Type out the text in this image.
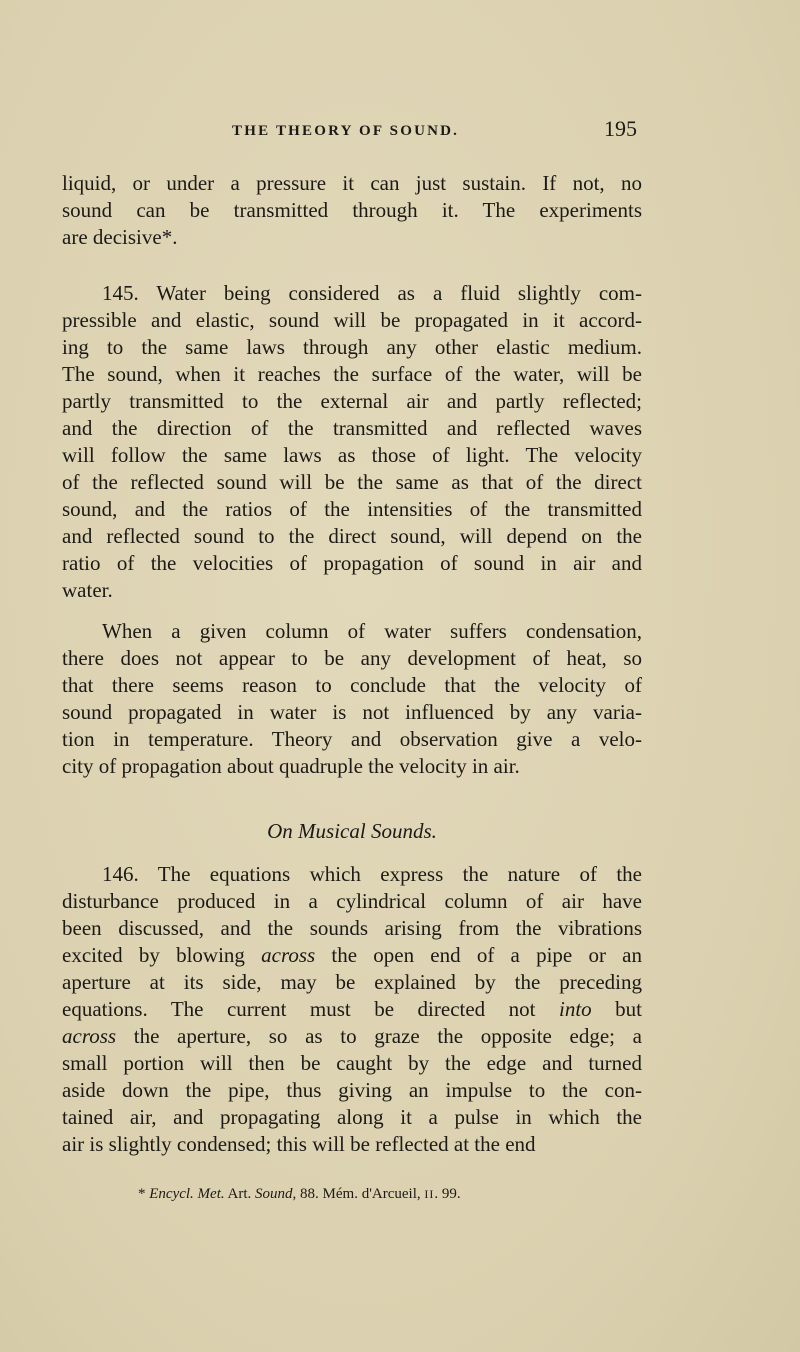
THE THEORY OF SOUND.	195
liquid, or under a pressure it can just sustain. If not, no
sound can be transmitted through it. The experiments
are decisive*.
145. Water being considered as a fluid slightly com-
pressible and elastic, sound will be propagated in it accord-
ing to the same laws through any other elastic medium.
The sound, when it reaches the surface of the water, will be
partly transmitted to the external air and partly reflected;
and the direction of the transmitted and reflected waves
will follow the same laws as those of light. The velocity
of the reflected sound will be the same as that of the direct
sound, and the ratios of the intensities of the transmitted
and reflected sound to the direct sound, will depend on the
ratio of the velocities of propagation of sound in air and
water.
When a given column of water suffers condensation,
there does not appear to be any development of heat, so
that there seems reason to conclude that the velocity of
sound propagated in water is not influenced by any varia-
tion in temperature. Theory and observation give a velo-
city of propagation about quadruple the velocity in air.
On Musical Sounds.
146. The equations which express the nature of the
disturbance produced in a cylindrical column of air have
been discussed, and the sounds arising from the vibrations
excited by blowing across the open end of a pipe or an
aperture at its side, may be explained by the preceding
equations. The current must be directed not into but
across the aperture, so as to graze the opposite edge; a
small portion will then be caught by the edge and turned
aside down the pipe, thus giving an impulse to the con-
tained air, and propagating along it a pulse in which the
air is slightly condensed; this will be reflected at the end
* Encycl. Met. Art. Sound, 88. Mém. d'Arcueil, II. 99.
